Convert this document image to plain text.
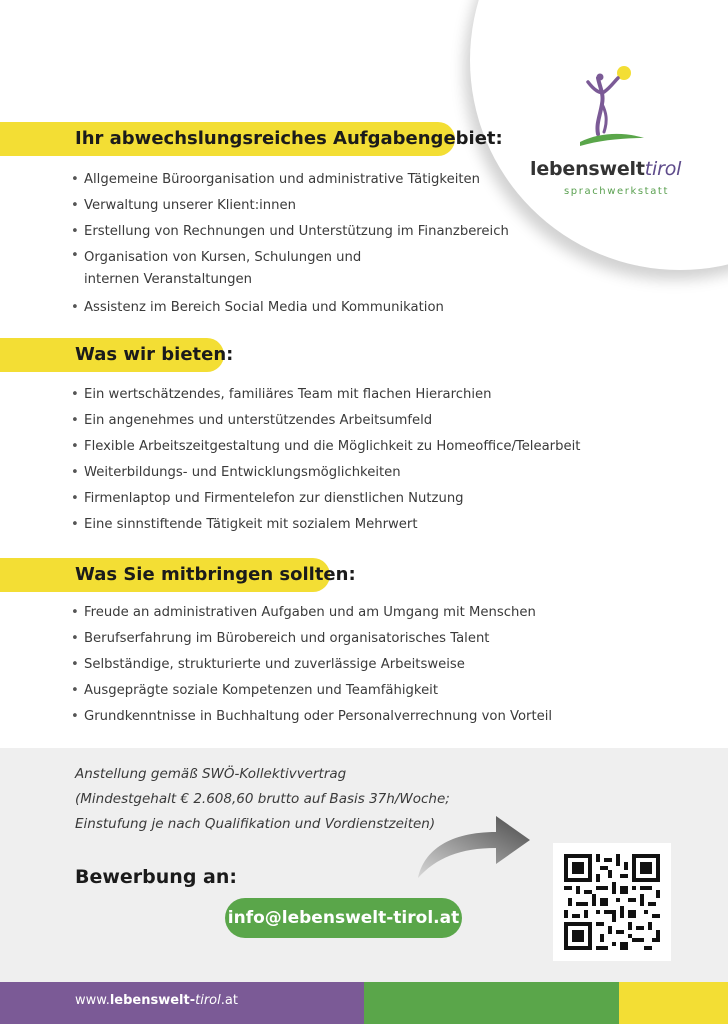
lebenswelttirol
sprachwerkstatt
Ihr abwechslungsreiches Aufgabengebiet:
• Allgemeine Büroorganisation und administrative Tätigkeiten
• Verwaltung unserer Klient:innen
• Erstellung von Rechnungen und Unterstützung im Finanzbereich
• Organisation von Kursen, Schulungen und internen Veranstaltungen
• Assistenz im Bereich Social Media und Kommunikation
Was wir bieten:
• Ein wertschätzendes, familiäres Team mit flachen Hierarchien
• Ein angenehmes und unterstützendes Arbeitsumfeld
• Flexible Arbeitszeitgestaltung und die Möglichkeit zu Homeoffice/Telearbeit
• Weiterbildungs- und Entwicklungsmöglichkeiten
• Firmenlaptop und Firmentelefon zur dienstlichen Nutzung
• Eine sinnstiftende Tätigkeit mit sozialem Mehrwert
Was Sie mitbringen sollten:
• Freude an administrativen Aufgaben und am Umgang mit Menschen
• Berufserfahrung im Bürobereich und organisatorisches Talent
• Selbständige, strukturierte und zuverlässige Arbeitsweise
• Ausgeprägte soziale Kompetenzen und Teamfähigkeit
• Grundkenntnisse in Buchhaltung oder Personalverrechnung von Vorteil
Anstellung gemäß SWÖ-Kollektivvertrag
(Mindestgehalt € 2.608,60 brutto auf Basis 37h/Woche;
Einstufung je nach Qualifikation und Vordienstzeiten)
Bewerbung an:
info@lebenswelt-tirol.at
www.lebenswelt-tirol.at
